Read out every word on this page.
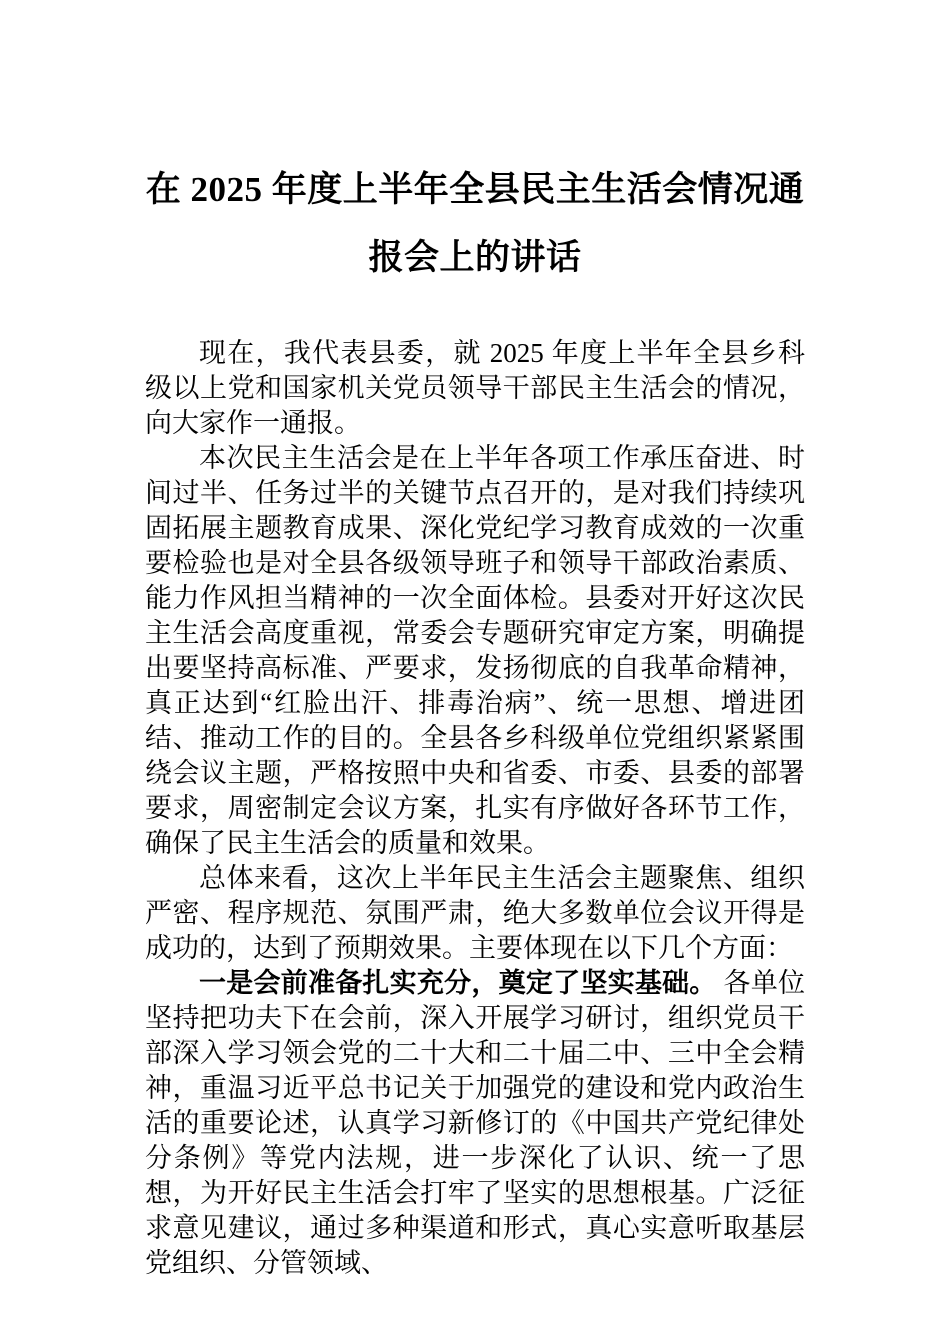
在 2025 年度上半年全县民主生活会情况通报会上的讲话

现在，我代表县委，就 2025 年度上半年全县乡科级以上党和国家机关党员领导干部民主生活会的情况，向大家作一通报。

本次民主生活会是在上半年各项工作承压奋进、时间过半、任务过半的关键节点召开的，是对我们持续巩固拓展主题教育成果、深化党纪学习教育成效的一次重要检验也是对全县各级领导班子和领导干部政治素质、能力作风担当精神的一次全面体检。县委对开好这次民主生活会高度重视，常委会专题研究审定方案，明确提出要坚持高标准、严要求，发扬彻底的自我革命精神，真正达到“红脸出汗、排毒治病”、统一思想、增进团结、推动工作的目的。全县各乡科级单位党组织紧紧围绕会议主题，严格按照中央和省委、市委、县委的部署要求，周密制定会议方案，扎实有序做好各环节工作，确保了民主生活会的质量和效果。

总体来看，这次上半年民主生活会主题聚焦、组织严密、程序规范、氛围严肃，绝大多数单位会议开得是成功的，达到了预期效果。主要体现在以下几个方面：

一是会前准备扎实充分，奠定了坚实基础。 各单位坚持把功夫下在会前，深入开展学习研讨，组织党员干部深入学习领会党的二十大和二十届二中、三中全会精神，重温习近平总书记关于加强党的建设和党内政治生活的重要论述，认真学习新修订的《中国共产党纪律处分条例》等党内法规，进一步深化了认识、统一了思想，为开好民主生活会打牢了坚实的思想根基。广泛征求意见建议，通过多种渠道和形式，真心实意听取基层党组织、分管领域、
